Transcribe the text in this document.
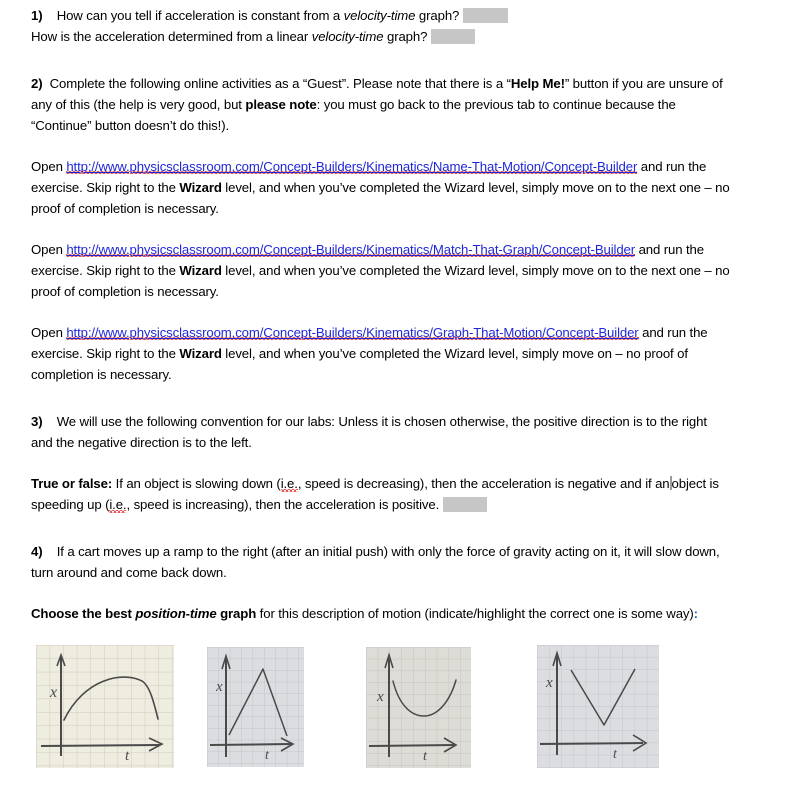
1) How can you tell if acceleration is constant from a velocity-time graph?

How is the acceleration determined from a linear velocity-time graph?

2) Complete the following online activities as a “Guest”. Please note that there is a “Help Me!” button if you are unsure of any of this (the help is very good, but please note: you must go back to the previous tab to continue because the “Continue” button doesn’t do this!).

Open http://www.physicsclassroom.com/Concept-Builders/Kinematics/Name-That-Motion/Concept-Builder and run the exercise. Skip right to the Wizard level, and when you’ve completed the Wizard level, simply move on to the next one – no proof of completion is necessary.

Open http://www.physicsclassroom.com/Concept-Builders/Kinematics/Match-That-Graph/Concept-Builder and run the exercise. Skip right to the Wizard level, and when you’ve completed the Wizard level, simply move on to the next one – no proof of completion is necessary.

Open http://www.physicsclassroom.com/Concept-Builders/Kinematics/Graph-That-Motion/Concept-Builder and run the exercise. Skip right to the Wizard level, and when you’ve completed the Wizard level, simply move on – no proof of completion is necessary.

3) We will use the following convention for our labs: Unless it is chosen otherwise, the positive direction is to the right and the negative direction is to the left.

True or false: If an object is slowing down (i.e., speed is decreasing), then the acceleration is negative and if an object is speeding up (i.e., speed is increasing), then the acceleration is positive.

4) If a cart moves up a ramp to the right (after an initial push) with only the force of gravity acting on it, it will slow down, turn around and come back down.

Choose the best position-time graph for this description of motion (indicate/highlight the correct one is some way):

x
t
x
t
x
t
x
t
